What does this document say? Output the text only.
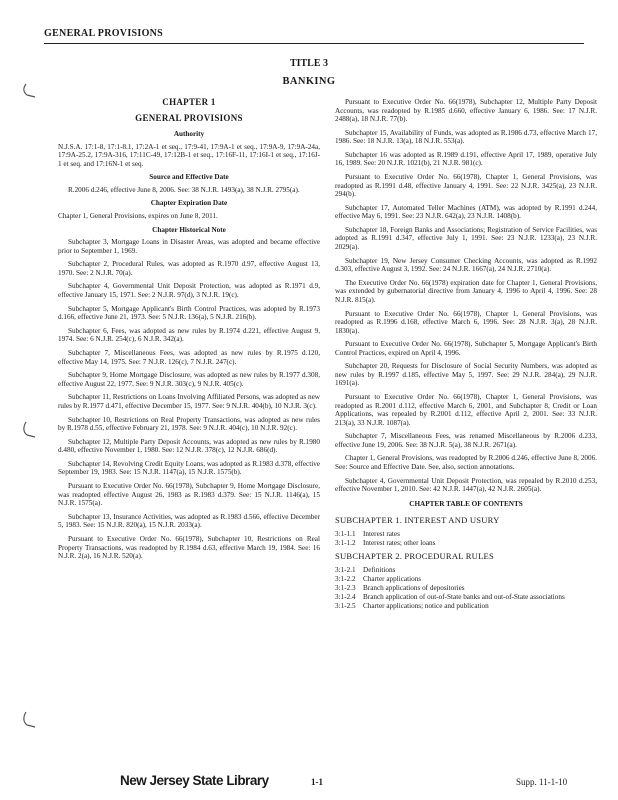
GENERAL PROVISIONS
TITLE 3
BANKING
CHAPTER 1
GENERAL PROVISIONS
Authority

N.J.S.A. 17:1-8, 17:1-8.1, 17:2A-1 et seq., 17:9-41, 17:9A-1 et seq., 17:9A-9, 17:9A-24a, 17:9A-25.2, 17:9A-316, 17:11C-49, 17:12B-1 et seq., 17:16F-11, 17:16I-1 et seq., 17:16J-1 et seq. and 17:16N-1 et seq.

Source and Effective Date

R.2006 d.246, effective June 8, 2006. See: 38 N.J.R. 1493(a), 38 N.J.R. 2795(a).

Chapter Expiration Date

Chapter 1, General Provisions, expires on June 8, 2011.

Chapter Historical Note

Subchapter 3, Mortgage Loans in Disaster Areas, was adopted and became effective prior to September 1, 1969.

Subchapter 2, Procedural Rules, was adopted as R.1970 d.97, effective August 13, 1970. See: 2 N.J.R. 70(a).

Subchapter 4, Governmental Unit Deposit Protection, was adopted as R.1971 d.9, effective January 15, 1971. See: 2 N.J.R. 97(d), 3 N.J.R. 19(c).

Subchapter 5, Mortgage Applicant's Birth Control Practices, was adopted by R.1973 d.166, effective June 21, 1973. See: 5 N.J.R. 136(a), 5 N.J.R. 216(b).

Subchapter 6, Fees, was adopted as new rules by R.1974 d.221, effective August 9, 1974. See: 6 N.J.R. 254(c), 6 N.J.R. 342(a).

Subchapter 7, Miscellaneous Fees, was adopted as new rules by R.1975 d.120, effective May 14, 1975. See: 7 N.J.R. 126(c), 7 N.J.R. 247(c).

Subchapter 9, Home Mortgage Disclosure, was adopted as new rules by R.1977 d.308, effective August 22, 1977. See: 9 N.J.R. 303(c), 9 N.J.R. 405(c).

Subchapter 11, Restrictions on Loans Involving Affiliated Persons, was adopted as new rules by R.1977 d.471, effective December 15, 1977. See: 9 N.J.R. 404(b), 10 N.J.R. 3(c).

Subchapter 10, Restrictions on Real Property Transactions, was adopted as new rules by R.1978 d.55, effective February 21, 1978. See: 9 N.J.R. 404(c), 10 N.J.R. 92(c).

Subchapter 12, Multiple Party Deposit Accounts, was adopted as new rules by R.1980 d.480, effective November 1, 1980. See: 12 N.J.R. 378(c), 12 N.J.R. 686(d).

Subchapter 14, Revolving Credit Equity Loans, was adopted as R.1983 d.378, effective September 19, 1983. See: 15 N.J.R. 1147(a), 15 N.J.R. 1575(b).

Pursuant to Executive Order No. 66(1978), Subchapter 9, Home Mortgage Disclosure, was readopted effective August 26, 1983 as R.1983 d.379. See: 15 N.J.R. 1146(a), 15 N.J.R. 1575(a).

Subchapter 13, Insurance Activities, was adopted as R.1983 d.566, effective December 5, 1983. See: 15 N.J.R. 820(a), 15 N.J.R. 2033(a).

Pursuant to Executive Order No. 66(1978), Subchapter 10, Restrictions on Real Property Transactions, was readopted by R.1984 d.63, effective March 19, 1984. See: 16 N.J.R. 2(a), 16 N.J.R. 520(a).

Pursuant to Executive Order No. 66(1978), Subchapter 12, Multiple Party Deposit Accounts, was readopted by R.1985 d.660, effective January 6, 1986. See: 17 N.J.R. 2488(a), 18 N.J.R. 77(b).

Subchapter 15, Availability of Funds, was adopted as R.1986 d.73, effective March 17, 1986. See: 18 N.J.R. 13(a), 18 N.J.R. 553(a).

Subchapter 16 was adopted as R.1989 d.191, effective April 17, 1989, operative July 16, 1989. See: 20 N.J.R. 1021(b), 21 N.J.R. 981(c).

Pursuant to Executive Order No. 66(1978), Chapter 1, General Provisions, was readopted as R.1991 d.48, effective January 4, 1991. See: 22 N.J.R. 3425(a), 23 N.J.R. 294(b).

Subchapter 17, Automated Teller Machines (ATM), was adopted by R.1991 d.244, effective May 6, 1991. See: 23 N.J.R. 642(a), 23 N.J.R. 1408(b).

Subchapter 18, Foreign Banks and Associations; Registration of Service Facilities, was adopted as R.1991 d.347, effective July 1, 1991. See: 23 N.J.R. 1233(a), 23 N.J.R. 2029(a).

Subchapter 19, New Jersey Consumer Checking Accounts, was adopted as R.1992 d.303, effective August 3, 1992. See: 24 N.J.R. 1667(a), 24 N.J.R. 2710(a).

The Executive Order No. 66(1978) expiration date for Chapter 1, General Provisions, was extended by gubernatorial directive from January 4, 1996 to April 4, 1996. See: 28 N.J.R. 815(a).

Pursuant to Executive Order No. 66(1978), Chapter 1, General Provisions, was readopted as R.1996 d.168, effective March 6, 1996. See: 28 N.J.R. 3(a), 28 N.J.R. 1830(a).

Pursuant to Executive Order No. 66(1978), Subchapter 5, Mortgage Applicant's Birth Control Practices, expired on April 4, 1996.

Subchapter 20, Requests for Disclosure of Social Security Numbers, was adopted as new rules by R.1997 d.185, effective May 5, 1997. See: 29 N.J.R. 284(a), 29 N.J.R. 1691(a).

Pursuant to Executive Order No. 66(1978), Chapter 1, General Provisions, was readopted as R.2001 d.112, effective March 6, 2001, and Subchapter 8, Credit or Loan Applications, was repealed by R.2001 d.112, effective April 2, 2001. See: 33 N.J.R. 213(a), 33 N.J.R. 1087(a).

Subchapter 7, Miscellaneous Fees, was renamed Miscellaneous by R.2006 d.233, effective June 19, 2006. See: 38 N.J.R. 5(a), 38 N.J.R. 2671(a).

Chapter 1, General Provisions, was readopted by R.2006 d.246, effective June 8, 2006. See: Source and Effective Date. See, also, section annotations.

Subchapter 4, Governmental Unit Deposit Protection, was repealed by R.2010 d.253, effective November 1, 2010. See: 42 N.J.R. 1447(a), 42 N.J.R. 2605(a).

CHAPTER TABLE OF CONTENTS
SUBCHAPTER 1. INTEREST AND USURY
3:1-1.1	Interest rates
3:1-1.2	Interest rates; other loans
SUBCHAPTER 2. PROCEDURAL RULES
3:1-2.1	Definitions
3:1-2.2	Charter applications
3:1-2.3	Branch applications of depositories
3:1-2.4	Branch application of out-of-State banks and out-of-State associations
3:1-2.5	Charter applications; notice and publication
New Jersey State Library	1-1	Supp. 11-1-10
